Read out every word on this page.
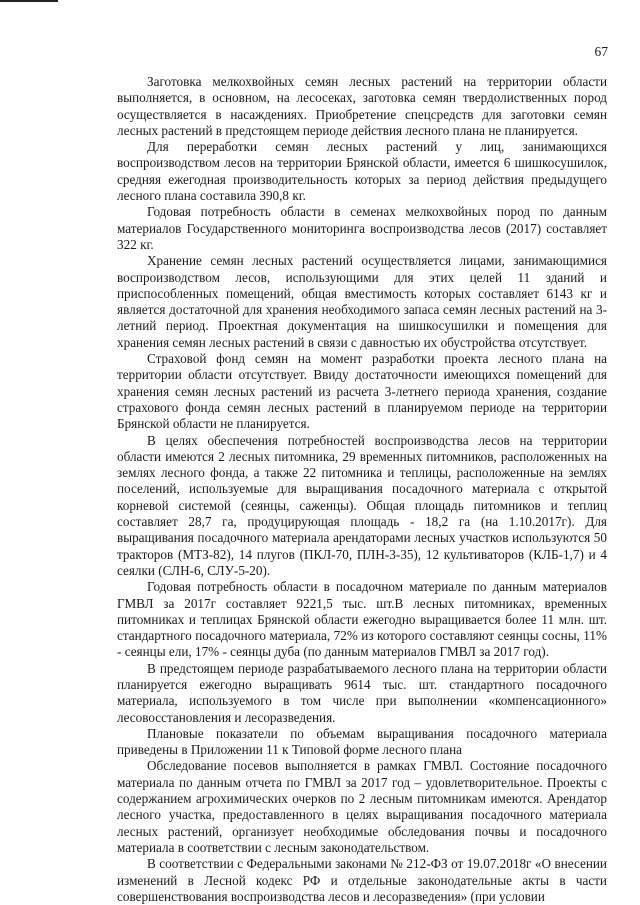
67

Заготовка мелкохвойных семян лесных растений на территории области выполняется, в основном, на лесосеках, заготовка семян твердолиственных пород осуществляется в насаждениях. Приобретение спецсредств для заготовки семян лесных растений в предстоящем периоде действия лесного плана не планируется.

Для переработки семян лесных растений у лиц, занимающихся воспроизводством лесов на территории Брянской области, имеется 6 шишкосушилок, средняя ежегодная производительность которых за период действия предыдущего лесного плана составила 390,8 кг.

Годовая потребность области в семенах мелкохвойных пород по данным материалов Государственного мониторинга воспроизводства лесов (2017) составляет 322 кг.

Хранение семян лесных растений осуществляется лицами, занимающимися воспроизводством лесов, использующими для этих целей 11 зданий и приспособленных помещений, общая вместимость которых составляет 6143 кг и является достаточной для хранения необходимого запаса семян лесных растений на 3-летний период. Проектная документация на шишкосушилки и помещения для хранения семян лесных растений в связи с давностью их обустройства отсутствует.

Страховой фонд семян на момент разработки проекта лесного плана на территории области отсутствует. Ввиду достаточности имеющихся помещений для хранения семян лесных растений из расчета 3-летнего периода хранения, создание страхового фонда семян лесных растений в планируемом периоде на территории Брянской области не планируется.

В целях обеспечения потребностей воспроизводства лесов на территории области имеются 2 лесных питомника, 29 временных питомников, расположенных на землях лесного фонда, а также 22 питомника и теплицы, расположенные на землях поселений, используемые для выращивания посадочного материала с открытой корневой системой (сеянцы, саженцы). Общая площадь питомников и теплиц составляет 28,7 га, продуцирующая площадь - 18,2 га (на 1.10.2017г). Для выращивания посадочного материала арендаторами лесных участков используются 50 тракторов (МТЗ-82), 14 плугов (ПКЛ-70, ПЛН-3-35), 12 культиваторов (КЛБ-1,7) и 4 сеялки (СЛН-6, СЛУ-5-20).

Годовая потребность области в посадочном материале по данным материалов ГМВЛ за 2017г составляет 9221,5 тыс. шт.В лесных питомниках, временных питомниках и теплицах Брянской области ежегодно выращивается более 11 млн. шт. стандартного посадочного материала, 72% из которого составляют сеянцы сосны, 11% - сеянцы ели, 17% - сеянцы дуба (по данным материалов ГМВЛ за 2017 год).

В предстоящем периоде разрабатываемого лесного плана на территории области планируется ежегодно выращивать 9614 тыс. шт. стандартного посадочного материала, используемого в том числе при выполнении «компенсационного» лесовосстановления и лесоразведения.

Плановые показатели по объемам выращивания посадочного материала приведены в Приложении 11 к Типовой форме лесного плана

Обследование посевов выполняется в рамках ГМВЛ. Состояние посадочного материала по данным отчета по ГМВЛ за 2017 год – удовлетворительное. Проекты с содержанием агрохимических очерков по 2 лесным питомникам имеются. Арендатор лесного участка, предоставленного в целях выращивания посадочного материала лесных растений, организует необходимые обследования почвы и посадочного материала в соответствии с лесным законодательством.

В соответствии с Федеральными законами № 212-ФЗ от 19.07.2018г «О внесении изменений в Лесной кодекс РФ и отдельные законодательные акты в части совершенствования воспроизводства лесов и лесоразведения» (при условии
